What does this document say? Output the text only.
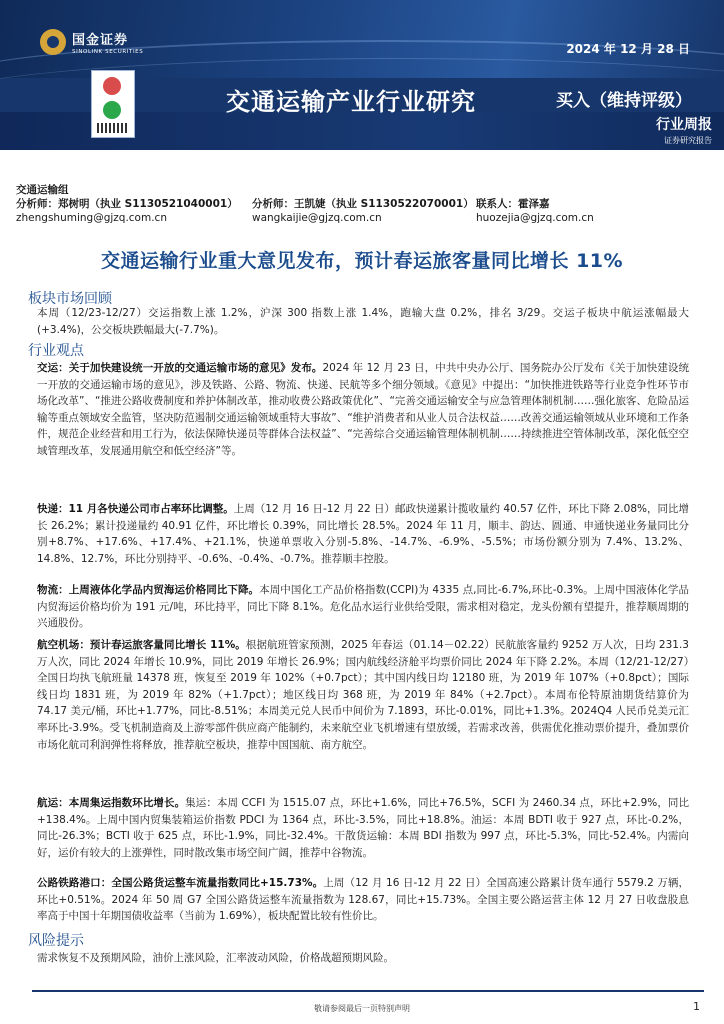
国金证券
SINOLINK SECURITIES	2024 年 12 月 28 日
交通运输产业行业研究	买入（维持评级）
行业周报
证券研究报告
交通运输组
分析师：郑树明（执业 S1130521040001） 分析师：王凯婕（执业 S1130522070001） 联系人：霍泽嘉
zhengshuming@gjzq.com.cn	wangkaijie@gjzq.com.cn	huozejia@gjzq.com.cn
交通运输行业重大意见发布，预计春运旅客量同比增长 11%
板块市场回顾
本周（12/23-12/27）交运指数上涨 1.2%，沪深 300 指数上涨 1.4%，跑输大盘 0.2%，排名 3/29。交运子板块中航运涨幅最大(+3.4%)，公交板块跌幅最大(-7.7%)。
行业观点
交运：关于加快建设统一开放的交通运输市场的意见》发布。2024 年 12 月 23 日，中共中央办公厅、国务院办公厅发布《关于加快建设统一开放的交通运输市场的意见》，涉及铁路、公路、物流、快递、民航等多个细分领域。《意见》中提出：“加快推进铁路等行业竞争性环节市场化改革”、“推进公路收费制度和养护体制改革，推动收费公路政策优化”、“完善交通运输安全与应急管理体制机制……强化旅客、危险品运输等重点领域安全监管，坚决防范遏制交通运输领域重特大事故”、“维护消费者和从业人员合法权益……改善交通运输领域从业环境和工作条件，规范企业经营和用工行为，依法保障快递员等群体合法权益”、“完善综合交通运输管理体制机制……持续推进空管体制改革，深化低空空域管理改革，发展通用航空和低空经济”等。
快递：11 月各快递公司市占率环比调整。上周（12 月 16 日-12 月 22 日）邮政快递累计揽收量约 40.57 亿件，环比下降 2.08%，同比增长 26.2%；累计投递量约 40.91 亿件，环比增长 0.39%，同比增长 28.5%。2024 年 11 月，顺丰、韵达、圆通、申通快递业务量同比分别+8.7%、+17.6%、+17.4%、+21.1%，快递单票收入分别-5.8%、-14.7%、-6.9%、-5.5%；市场份额分别为 7.4%、13.2%、14.8%、12.7%，环比分别持平、-0.6%、-0.4%、-0.7%。推荐顺丰控股。
物流：上周液体化学品内贸海运价格同比下降。本周中国化工产品价格指数(CCPI)为 4335 点,同比-6.7%,环比-0.3%。上周中国液体化学品内贸海运价格均价为 191 元/吨，环比持平，同比下降 8.1%。危化品水运行业供给受限，需求相对稳定，龙头份额有望提升，推荐顺周期的兴通股份。
航空机场：预计春运旅客量同比增长 11%。根据航班管家预测，2025 年春运（01.14－02.22）民航旅客量约 9252 万人次，日均 231.3 万人次，同比 2024 年增长 10.9%，同比 2019 年增长 26.9%；国内航线经济舱平均票价同比 2024 年下降 2.2%。本周（12/21-12/27）全国日均执飞航班量 14378 班，恢复至 2019 年 102%（+0.7pct）；其中国内线日均 12180 班，为 2019 年 107%（+0.8pct）；国际线日均 1831 班，为 2019 年 82%（+1.7pct）；地区线日均 368 班，为 2019 年 84%（+2.7pct）。本周布伦特原油期货结算价为 74.17 美元/桶，环比+1.77%，同比-8.51%；本周美元兑人民币中间价为 7.1893，环比-0.01%，同比+1.3%。2024Q4 人民币兑美元汇率环比-3.9%。受飞机制造商及上游零部件供应商产能制约，未来航空业飞机增速有望放缓，若需求改善，供需优化推动票价提升，叠加票价市场化航司利润弹性将释放，推荐航空板块，推荐中国国航、南方航空。
航运：本周集运指数环比增长。集运：本周 CCFI 为 1515.07 点，环比+1.6%，同比+76.5%，SCFI 为 2460.34 点，环比+2.9%，同比+138.4%。上周中国内贸集装箱运价指数 PDCI 为 1364 点，环比-3.5%，同比+18.8%。油运：本周 BDTI 收于 927 点，环比-0.2%，同比-26.3%；BCTI 收于 625 点，环比-1.9%，同比-32.4%。干散货运输：本周 BDI 指数为 997 点，环比-5.3%，同比-52.4%。内需向好，运价有较大的上涨弹性，同时散改集市场空间广阔，推荐中谷物流。
公路铁路港口：全国公路货运整车流量指数同比+15.73%。上周（12 月 16 日-12 月 22 日）全国高速公路累计货车通行 5579.2 万辆，环比+0.51%。2024 年 50 周 G7 全国公路货运整车流量指数为 128.67，同比+15.73%。全国主要公路运营主体 12 月 27 日收盘股息率高于中国十年期国债收益率（当前为 1.69%），板块配置比较有性价比。
风险提示
需求恢复不及预期风险，油价上涨风险，汇率波动风险，价格战超预期风险。
敬请参阅最后一页特别声明	1
